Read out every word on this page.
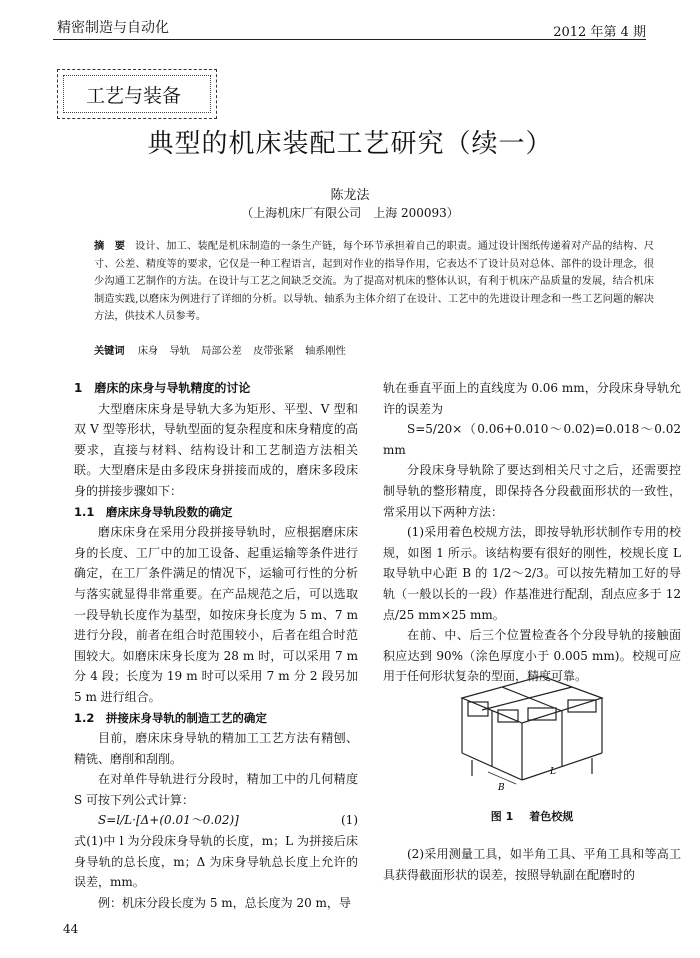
精密制造与自动化	2012 年第 4 期
工艺与装备
典型的机床装配工艺研究（续一）
陈龙法
（上海机床厂有限公司　上海 200093）
摘　要 设计、加工、装配是机床制造的一条生产链，每个环节承担着自己的职责。通过设计图纸传递着对产品的结构、尺寸、公差、精度等的要求，它仅是一种工程语言，起到对作业的指导作用，它表达不了设计员对总体、部件的设计理念，很少沟通工艺制作的方法。在设计与工艺之间缺乏交流。为了提高对机床的整体认识，有利于机床产品质量的发展，结合机床制造实践,以磨床为例进行了详细的分析。以导轨、轴系为主体介绍了在设计、工艺中的先进设计理念和一些工艺问题的解决方法，供技术人员参考。
关键词 床身 导轨 局部公差 皮带张紧 轴系刚性

1　磨床的床身与导轨精度的讨论

大型磨床床身是导轨大多为矩形、平型、V 型和双 V 型等形状，导轨型面的复杂程度和床身精度的高要求，直接与材料、结构设计和工艺制造方法相关联。大型磨床是由多段床身拼接而成的，磨床多段床身的拼接步骤如下：

1.1　磨床床身导轨段数的确定

磨床床身在采用分段拼接导轨时，应根据磨床床身的长度、工厂中的加工设备、起重运输等条件进行确定，在工厂条件满足的情况下，运输可行性的分析与落实就显得非常重要。在产品规范之后，可以选取一段导轨长度作为基型，如按床身长度为 5 m、7 m 进行分段，前者在组合时范围较小，后者在组合时范围较大。如磨床床身长度为 28 m 时，可以采用 7 m 分 4 段；长度为 19 m 时可以采用 7 m 分 2 段另加 5 m 进行组合。

1.2　拼接床身导轨的制造工艺的确定

目前，磨床床身导轨的精加工工艺方法有精刨、精铣、磨削和刮削。

在对单件导轨进行分段时，精加工中的几何精度 S 可按下列公式计算：

S=l/L·[Δ+(0.01～0.02)]	(1)

式(1)中 l 为分段床身导轨的长度，m；L 为拼接后床身导轨的总长度，m；Δ 为床身导轨总长度上允许的误差，mm。

例：机床分段长度为 5 m，总长度为 20 m，导

轨在垂直平面上的直线度为 0.06 mm，分段床身导轨允许的误差为

S=5/20×（0.06+0.010～0.02)=0.018～0.02 mm

分段床身导轨除了要达到相关尺寸之后，还需要控制导轨的整形精度，即保持各分段截面形状的一致性，常采用以下两种方法：

(1)采用着色校规方法，即按导轨形状制作专用的校规，如图 1 所示。该结构要有很好的刚性，校规长度 L 取导轨中心距 B 的 1/2～2/3。可以按先精加工好的导轨（一般以长的一段）作基准进行配刮，刮点应多于 12 点/25 mm×25 mm。

在前、中、后三个位置检查各个分段导轨的接触面积应达到 90%（涂色厚度小于 0.005 mm)。校规可应用于任何形状复杂的型面，精度可靠。

B
L
图 1 着色校规

(2)采用测量工具，如半角工具、平角工具和等高工具获得截面形状的误差，按照导轨副在配磨时的

44
